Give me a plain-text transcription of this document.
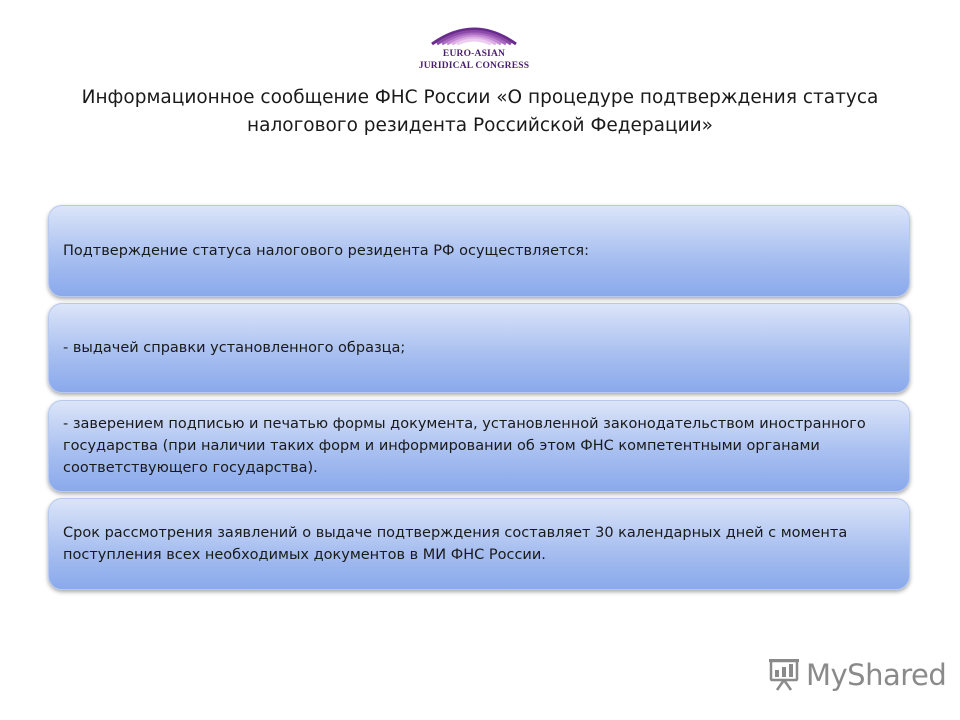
EURO-ASIAN
JURIDICAL CONGRESS
Информационное сообщение ФНС России «О процедуре подтверждения статуса
налогового резидента Российской Федерации»
Подтверждение статуса налогового резидента РФ осуществляется:
- выдачей справки установленного образца;
- заверением подписью и печатью формы документа, установленной законодательством иностранного государства (при наличии таких форм и информировании об этом ФНС компетентными органами соответствующего государства).
Срок рассмотрения заявлений о выдаче подтверждения составляет 30 календарных дней с момента поступления всех необходимых документов в МИ ФНС России.
MyShared
